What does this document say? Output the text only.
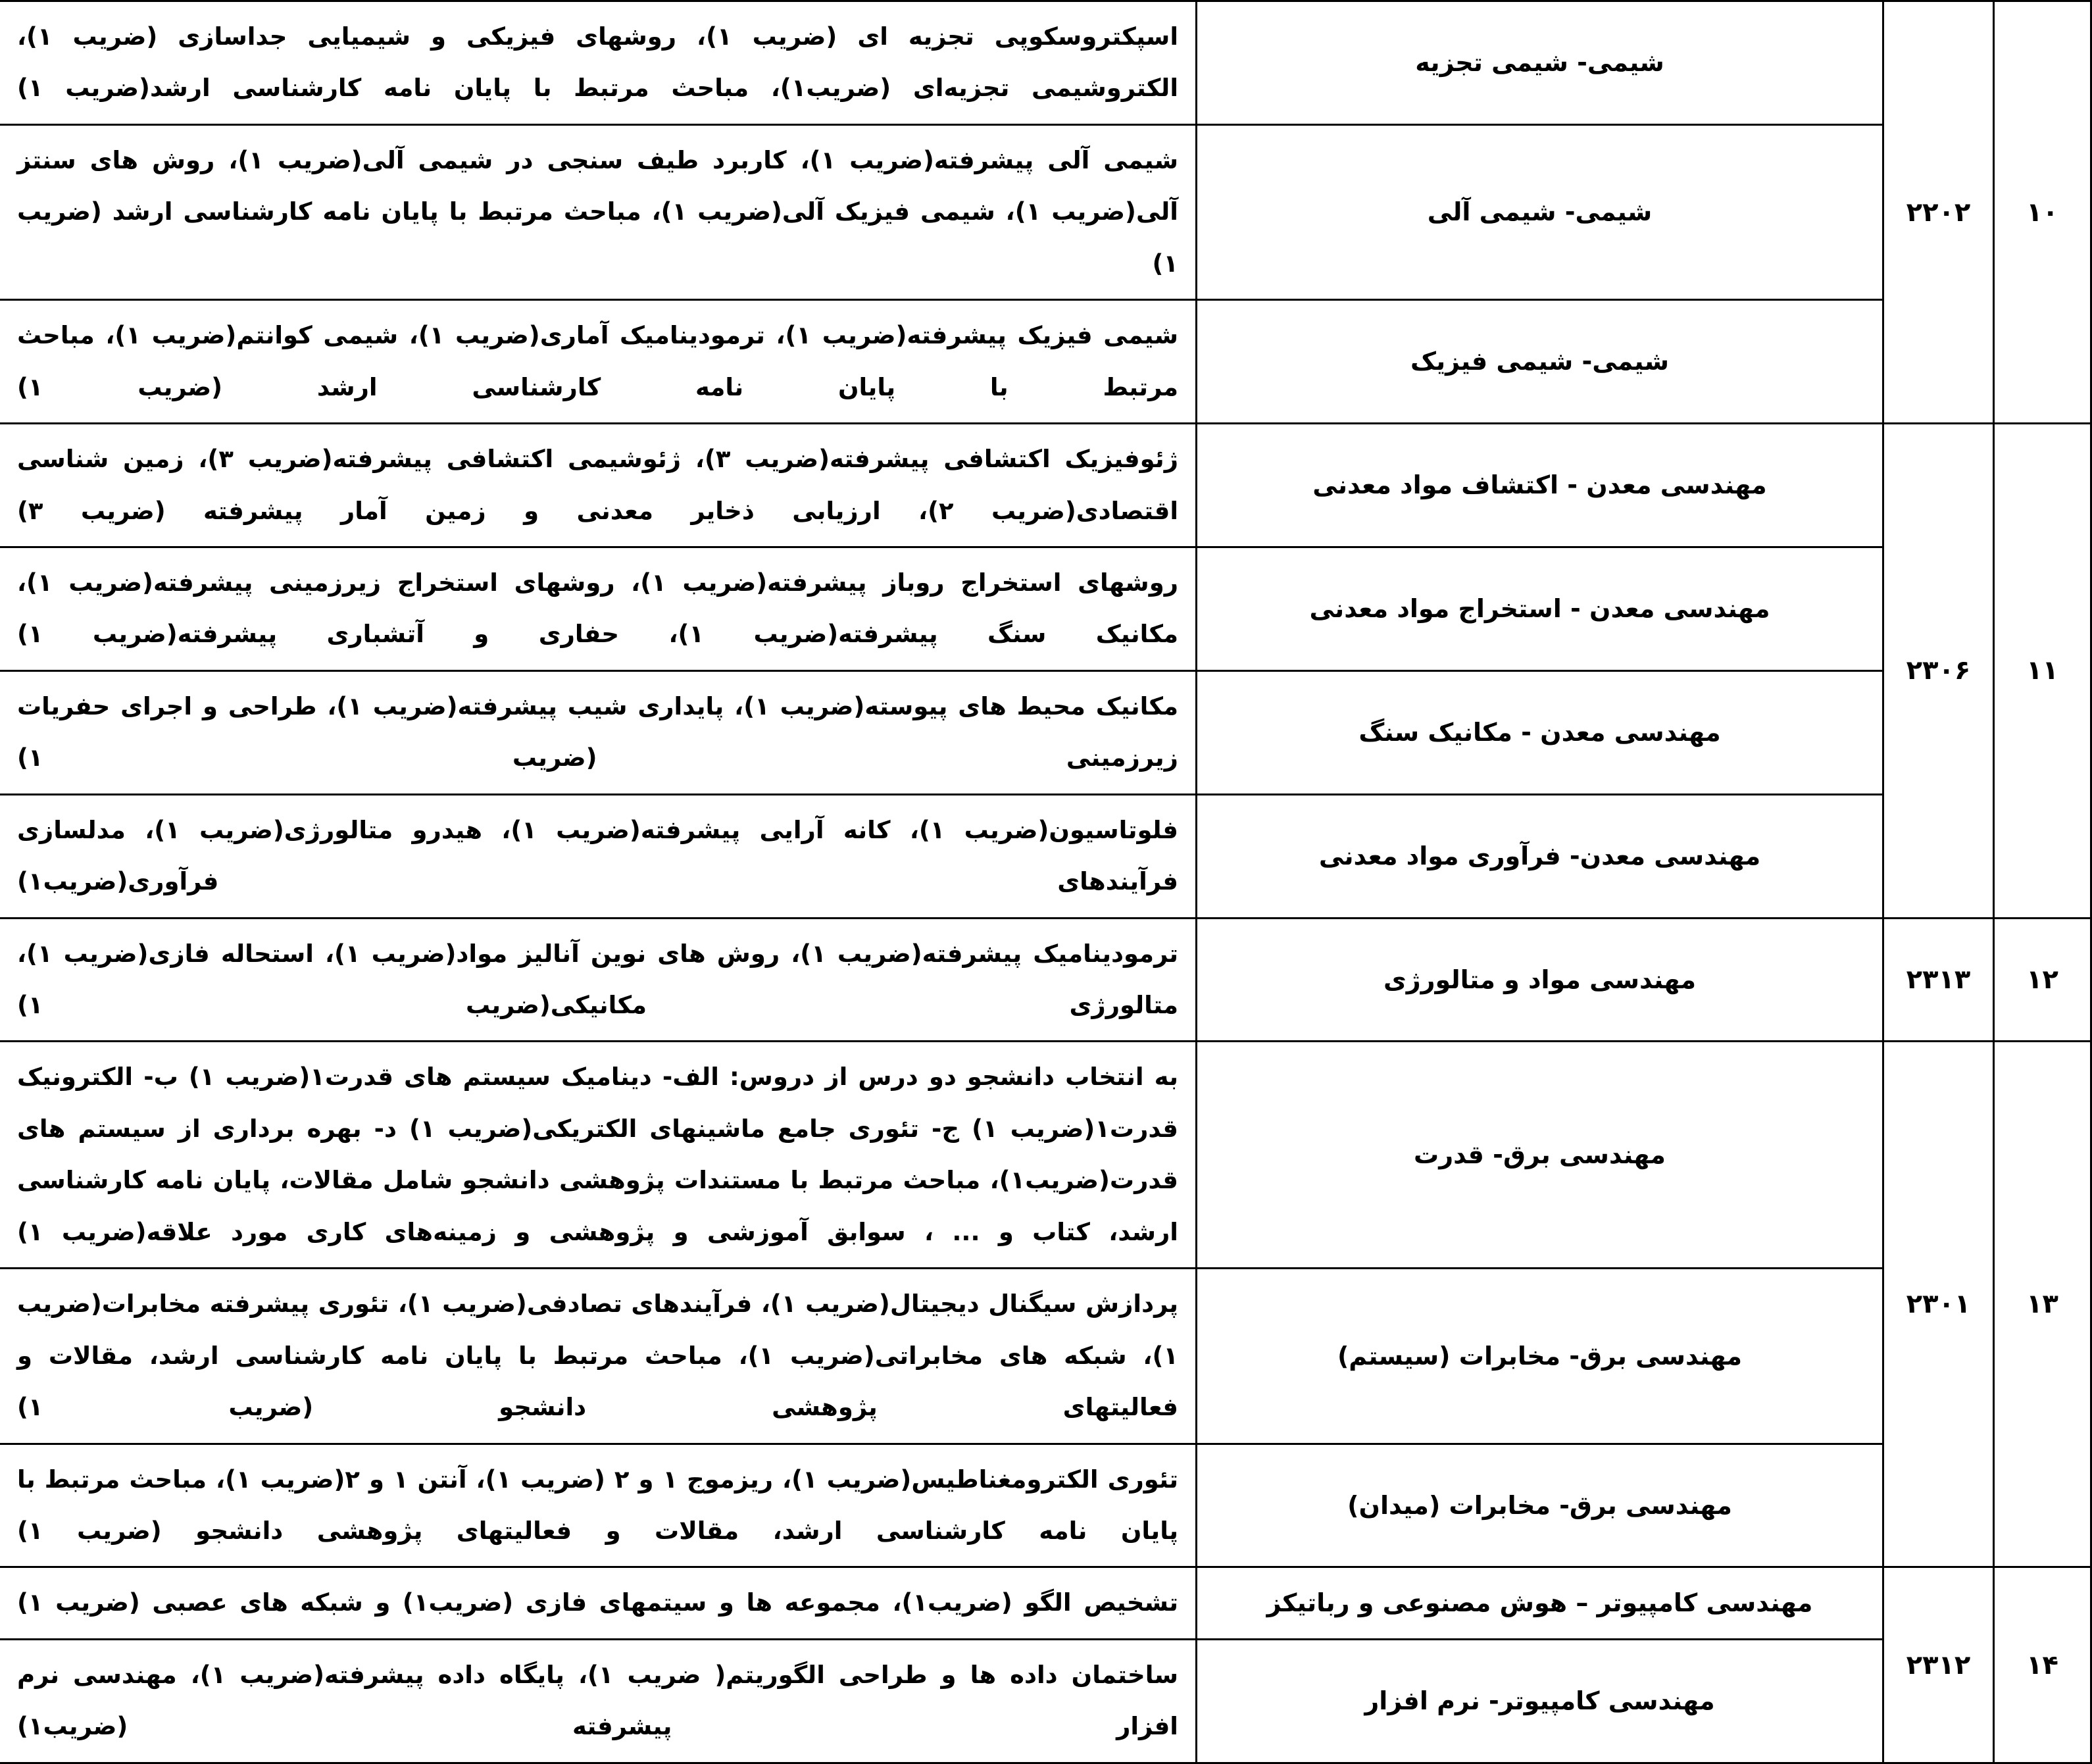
۱۰	۲۲۰۲	شیمی- شیمی تجزیه	اسپکتروسکوپی تجزیه ای (ضریب ۱)، روشهای فیزیکی و شیمیایی جداسازی (ضریب ۱)، الکتروشیمی تجزیه‌ای (ضریب۱)، مباحث مرتبط با پایان نامه کارشناسی ارشد(ضریب ۱)
		شیمی- شیمی آلی	شیمی آلی پیشرفته(ضریب ۱)، کاربرد طیف سنجی در شیمی آلی(ضریب ۱)، روش های سنتز آلی(ضریب ۱)، شیمی فیزیک آلی(ضریب ۱)، مباحث مرتبط با پایان نامه کارشناسی ارشد (ضریب ۱)
		شیمی- شیمی فیزیک	شیمی فیزیک پیشرفته(ضریب ۱)، ترمودینامیک آماری(ضریب ۱)، شیمی کوانتم(ضریب ۱)، مباحث مرتبط با پایان نامه کارشناسی ارشد (ضریب ۱)
۱۱	۲۳۰۶	مهندسی معدن - اکتشاف مواد معدنی	ژئوفیزیک اکتشافی پیشرفته(ضریب ۳)، ژئوشیمی اکتشافی پیشرفته(ضریب ۳)، زمین شناسی اقتصادی(ضریب ۲)، ارزیابی ذخایر معدنی و زمین آمار پیشرفته (ضریب ۳)
		مهندسی معدن - استخراج مواد معدنی	روشهای استخراج روباز پیشرفته(ضریب ۱)، روشهای استخراج زیرزمینی پیشرفته(ضریب ۱)، مکانیک سنگ پیشرفته(ضریب ۱)، حفاری و آتشباری پیشرفته(ضریب ۱)
		مهندسی معدن - مکانیک سنگ	مکانیک محیط های پیوسته(ضریب ۱)، پایداری شیب پیشرفته(ضریب ۱)، طراحی و اجرای حفریات زیرزمینی (ضریب ۱)
		مهندسی معدن- فرآوری مواد معدنی	فلوتاسیون(ضریب ۱)، کانه آرایی پیشرفته(ضریب ۱)، هیدرو متالورژی(ضریب ۱)، مدلسازی فرآیندهای فرآوری(ضریب۱)
۱۲	۲۳۱۳	مهندسی مواد و متالورژی	ترمودینامیک پیشرفته(ضریب ۱)، روش های نوین آنالیز مواد(ضریب ۱)، استحاله فازی(ضریب ۱)، متالورژی مکانیکی(ضریب ۱)
۱۳	۲۳۰۱	مهندسی برق- قدرت	به انتخاب دانشجو دو درس از دروس: الف- دینامیک سیستم های قدرت۱(ضریب ۱) ب- الکترونیک قدرت۱(ضریب ۱) ج- تئوری جامع ماشینهای الکتریکی(ضریب ۱) د- بهره برداری از سیستم های قدرت(ضریب۱)، مباحث مرتبط با مستندات پژوهشی دانشجو شامل مقالات، پایان نامه کارشناسی ارشد، کتاب و ... ، سوابق آموزشی و پژوهشی و زمینه‌های کاری مورد علاقه(ضریب ۱)
		مهندسی برق- مخابرات (سیستم)	پردازش سیگنال دیجیتال(ضریب ۱)، فرآیندهای تصادفی(ضریب ۱)، تئوری پیشرفته مخابرات(ضریب ۱)، شبکه های مخابراتی(ضریب ۱)، مباحث مرتبط با پایان نامه کارشناسی ارشد، مقالات و فعالیتهای پژوهشی دانشجو (ضریب ۱)
		مهندسی برق- مخابرات (میدان)	تئوری الکترومغناطیس(ضریب ۱)، ریزموج ۱ و ۲ (ضریب ۱)، آنتن ۱ و ۲(ضریب ۱)، مباحث مرتبط با پایان نامه کارشناسی ارشد، مقالات و فعالیتهای پژوهشی دانشجو (ضریب ۱)
۱۴	۲۳۱۲	مهندسی کامپیوتر – هوش مصنوعی و رباتیکز	تشخیص الگو (ضریب۱)، مجموعه ها و سیتمهای فازی (ضریب۱) و شبکه های عصبی (ضریب ۱)
		مهندسی کامپیوتر- نرم افزار	ساختمان داده ها و طراحی الگوریتم( ضریب ۱)، پایگاه داده پیشرفته(ضریب ۱)، مهندسی نرم افزار پیشرفته (ضریب۱)
